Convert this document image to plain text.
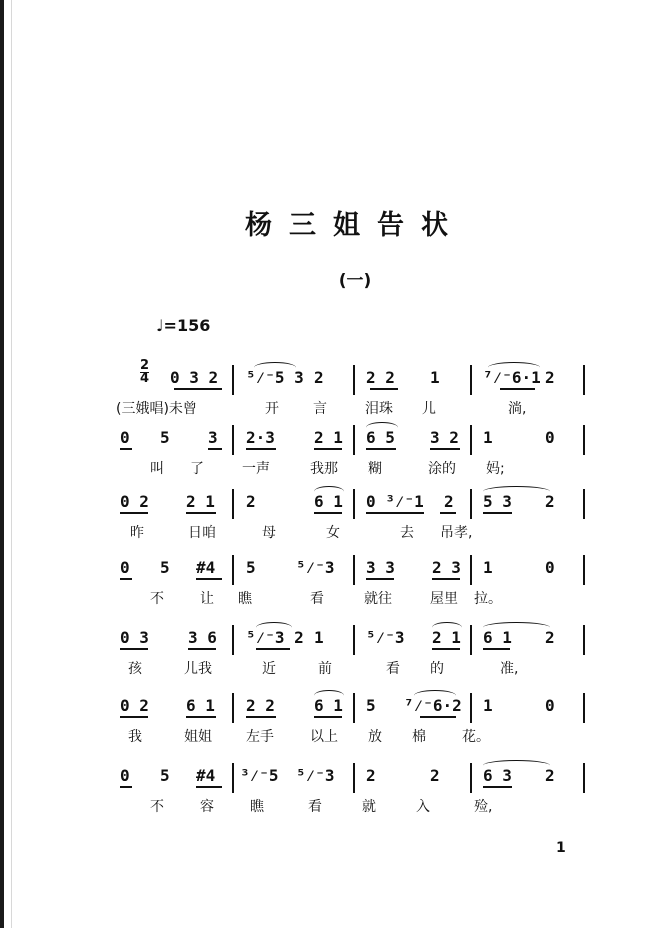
杨三姐告状
(一)
♩=156
2
4 0 3 2 ⁵⁄⁻5 3 2	2 2 1	⁷⁄⁻6·1 2
(三娥唱)未曾	开 言	泪珠 儿	淌,
0 5 3 2·3 2 1 6 5 3 2 1	0
叫 了	一声	我那 糊	涂的 妈;
0 2 2 1 2	6 1 0 ³⁄⁻1 2 5 3 2
昨	日咱	母	女	去 吊孝,
0 5 #4 5	⁵⁄⁻3 3 3 2 3 1	0
不	让 瞧	看	就往	屋里 拉。
0 3 3 6 ⁵⁄⁻3 2 1	⁵⁄⁻3 2 1 6 1 2
孩	儿我	近	前	看 的	准,
0 2 6 1 2 2 6 1 5 ⁷⁄⁻6·2 1	0
我	姐姐 左手	以上 放 棉	花。
0 5 #4 ³⁄⁻5 ⁵⁄⁻3 2	2	6 3 2
不	容	瞧	看	就	入	殓,
1
